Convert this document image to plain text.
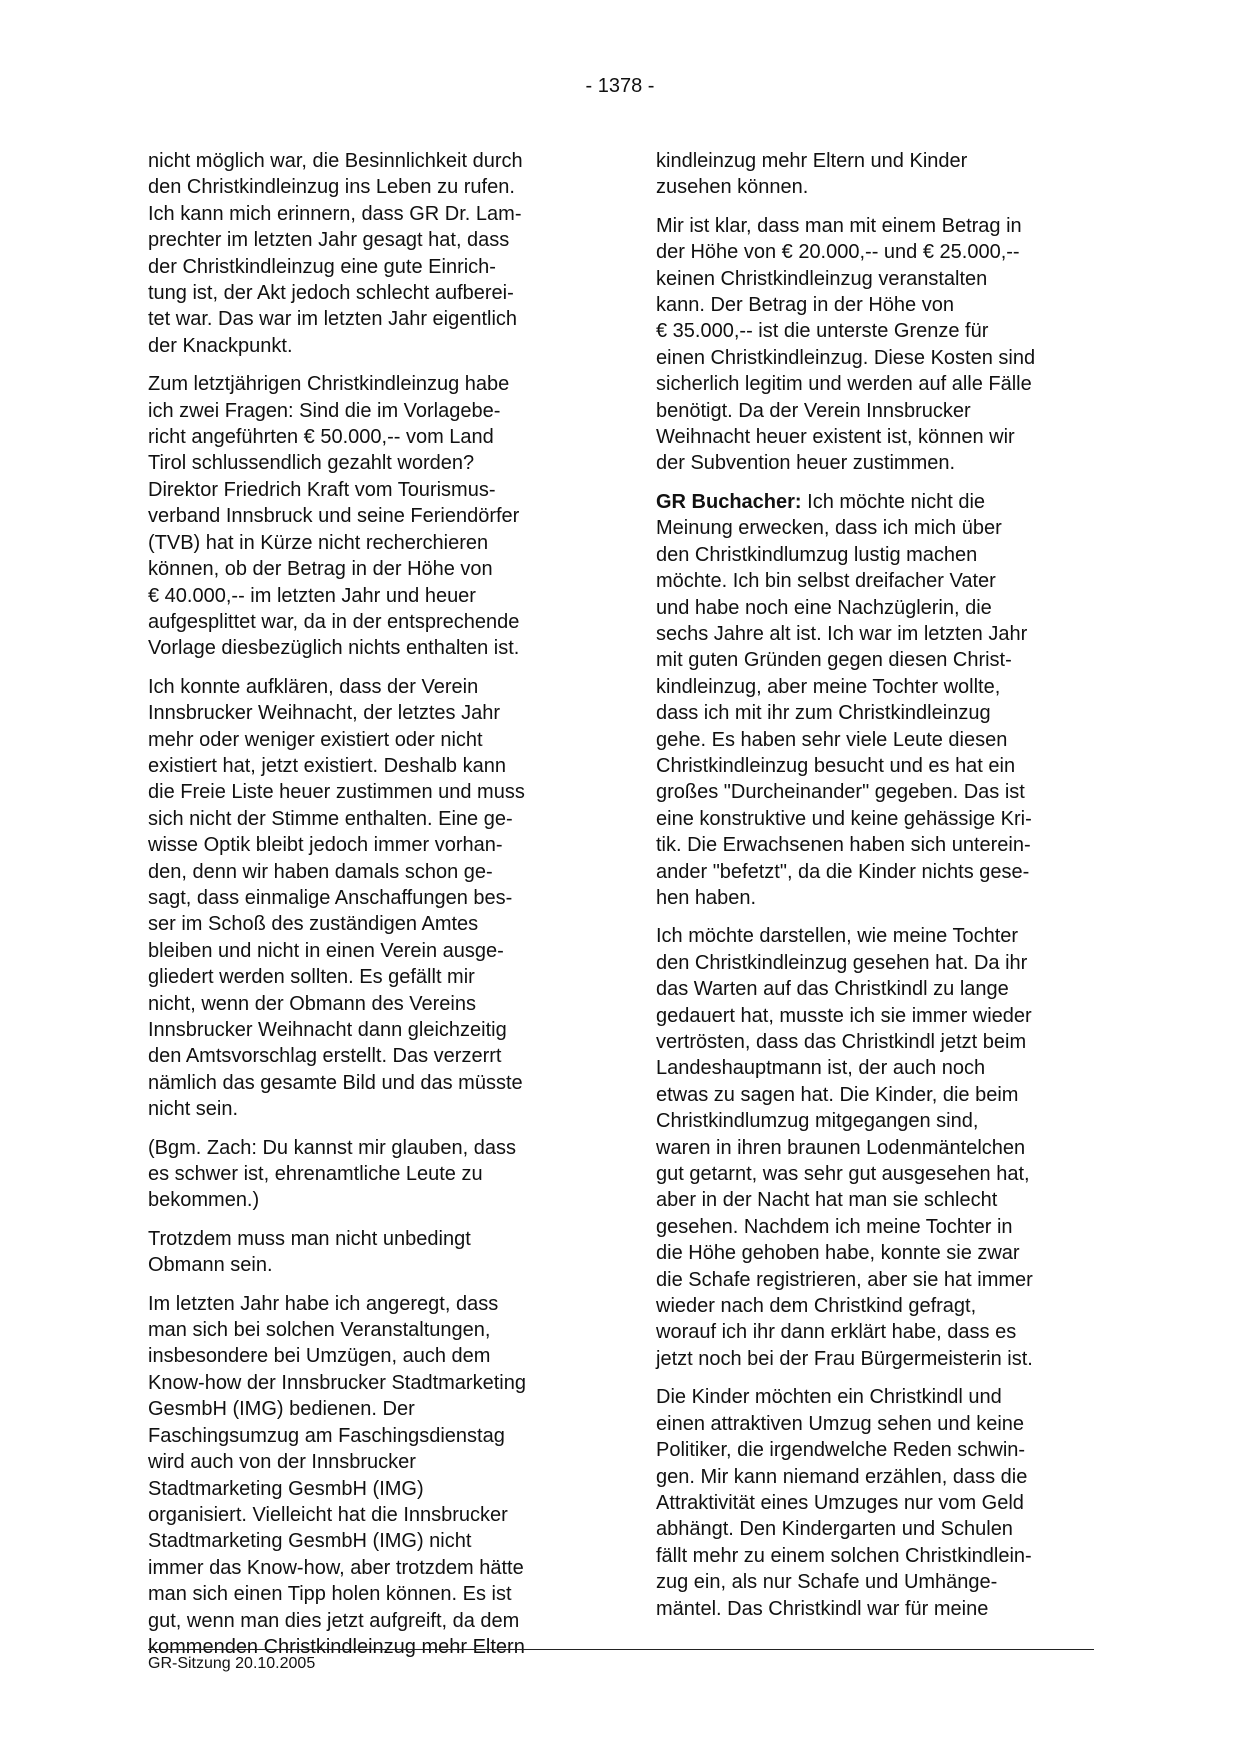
- 1378 -

nicht möglich war, die Besinnlichkeit durch
den Christkindleinzug ins Leben zu rufen.
Ich kann mich erinnern, dass GR Dr. Lam-
prechter im letzten Jahr gesagt hat, dass
der Christkindleinzug eine gute Einrich-
tung ist, der Akt jedoch schlecht aufberei-
tet war. Das war im letzten Jahr eigentlich
der Knackpunkt.

Zum letztjährigen Christkindleinzug habe
ich zwei Fragen: Sind die im Vorlagebe-
richt angeführten € 50.000,-- vom Land
Tirol schlussendlich gezahlt worden?
Direktor Friedrich Kraft vom Tourismus-
verband Innsbruck und seine Feriendörfer
(TVB) hat in Kürze nicht recherchieren
können, ob der Betrag in der Höhe von
€ 40.000,-- im letzten Jahr und heuer
aufgesplittet war, da in der entsprechende
Vorlage diesbezüglich nichts enthalten ist.

Ich konnte aufklären, dass der Verein
Innsbrucker Weihnacht, der letztes Jahr
mehr oder weniger existiert oder nicht
existiert hat, jetzt existiert. Deshalb kann
die Freie Liste heuer zustimmen und muss
sich nicht der Stimme enthalten. Eine ge-
wisse Optik bleibt jedoch immer vorhan-
den, denn wir haben damals schon ge-
sagt, dass einmalige Anschaffungen bes-
ser im Schoß des zuständigen Amtes
bleiben und nicht in einen Verein ausge-
gliedert werden sollten. Es gefällt mir
nicht, wenn der Obmann des Vereins
Innsbrucker Weihnacht dann gleichzeitig
den Amtsvorschlag erstellt. Das verzerrt
nämlich das gesamte Bild und das müsste
nicht sein.

(Bgm. Zach: Du kannst mir glauben, dass
es schwer ist, ehrenamtliche Leute zu
bekommen.)

Trotzdem muss man nicht unbedingt
Obmann sein.

Im letzten Jahr habe ich angeregt, dass
man sich bei solchen Veranstaltungen,
insbesondere bei Umzügen, auch dem
Know-how der Innsbrucker Stadtmarketing
GesmbH (IMG) bedienen. Der
Faschingsumzug am Faschingsdienstag
wird auch von der Innsbrucker
Stadtmarketing GesmbH (IMG)
organisiert. Vielleicht hat die Innsbrucker
Stadtmarketing GesmbH (IMG) nicht
immer das Know-how, aber trotzdem hätte
man sich einen Tipp holen können. Es ist
gut, wenn man dies jetzt aufgreift, da dem
kommenden Christkindleinzug mehr Eltern

kindleinzug mehr Eltern und Kinder
zusehen können.

Mir ist klar, dass man mit einem Betrag in
der Höhe von € 20.000,-- und € 25.000,--
keinen Christkindleinzug veranstalten
kann. Der Betrag in der Höhe von
€ 35.000,-- ist die unterste Grenze für
einen Christkindleinzug. Diese Kosten sind
sicherlich legitim und werden auf alle Fälle
benötigt. Da der Verein Innsbrucker
Weihnacht heuer existent ist, können wir
der Subvention heuer zustimmen.

GR Buchacher: Ich möchte nicht die
Meinung erwecken, dass ich mich über
den Christkindlumzug lustig machen
möchte. Ich bin selbst dreifacher Vater
und habe noch eine Nachzüglerin, die
sechs Jahre alt ist. Ich war im letzten Jahr
mit guten Gründen gegen diesen Christ-
kindleinzug, aber meine Tochter wollte,
dass ich mit ihr zum Christkindleinzug
gehe. Es haben sehr viele Leute diesen
Christkindleinzug besucht und es hat ein
großes "Durcheinander" gegeben. Das ist
eine konstruktive und keine gehässige Kri-
tik. Die Erwachsenen haben sich unterein-
ander "befetzt", da die Kinder nichts gese-
hen haben.

Ich möchte darstellen, wie meine Tochter
den Christkindleinzug gesehen hat. Da ihr
das Warten auf das Christkindl zu lange
gedauert hat, musste ich sie immer wieder
vertrösten, dass das Christkindl jetzt beim
Landeshauptmann ist, der auch noch
etwas zu sagen hat. Die Kinder, die beim
Christkindlumzug mitgegangen sind,
waren in ihren braunen Lodenmäntelchen
gut getarnt, was sehr gut ausgesehen hat,
aber in der Nacht hat man sie schlecht
gesehen. Nachdem ich meine Tochter in
die Höhe gehoben habe, konnte sie zwar
die Schafe registrieren, aber sie hat immer
wieder nach dem Christkind gefragt,
worauf ich ihr dann erklärt habe, dass es
jetzt noch bei der Frau Bürgermeisterin ist.

Die Kinder möchten ein Christkindl und
einen attraktiven Umzug sehen und keine
Politiker, die irgendwelche Reden schwin-
gen. Mir kann niemand erzählen, dass die
Attraktivität eines Umzuges nur vom Geld
abhängt. Den Kindergarten und Schulen
fällt mehr zu einem solchen Christkindlein-
zug ein, als nur Schafe und Umhänge-
mäntel. Das Christkindl war für meine

GR-Sitzung 20.10.2005
